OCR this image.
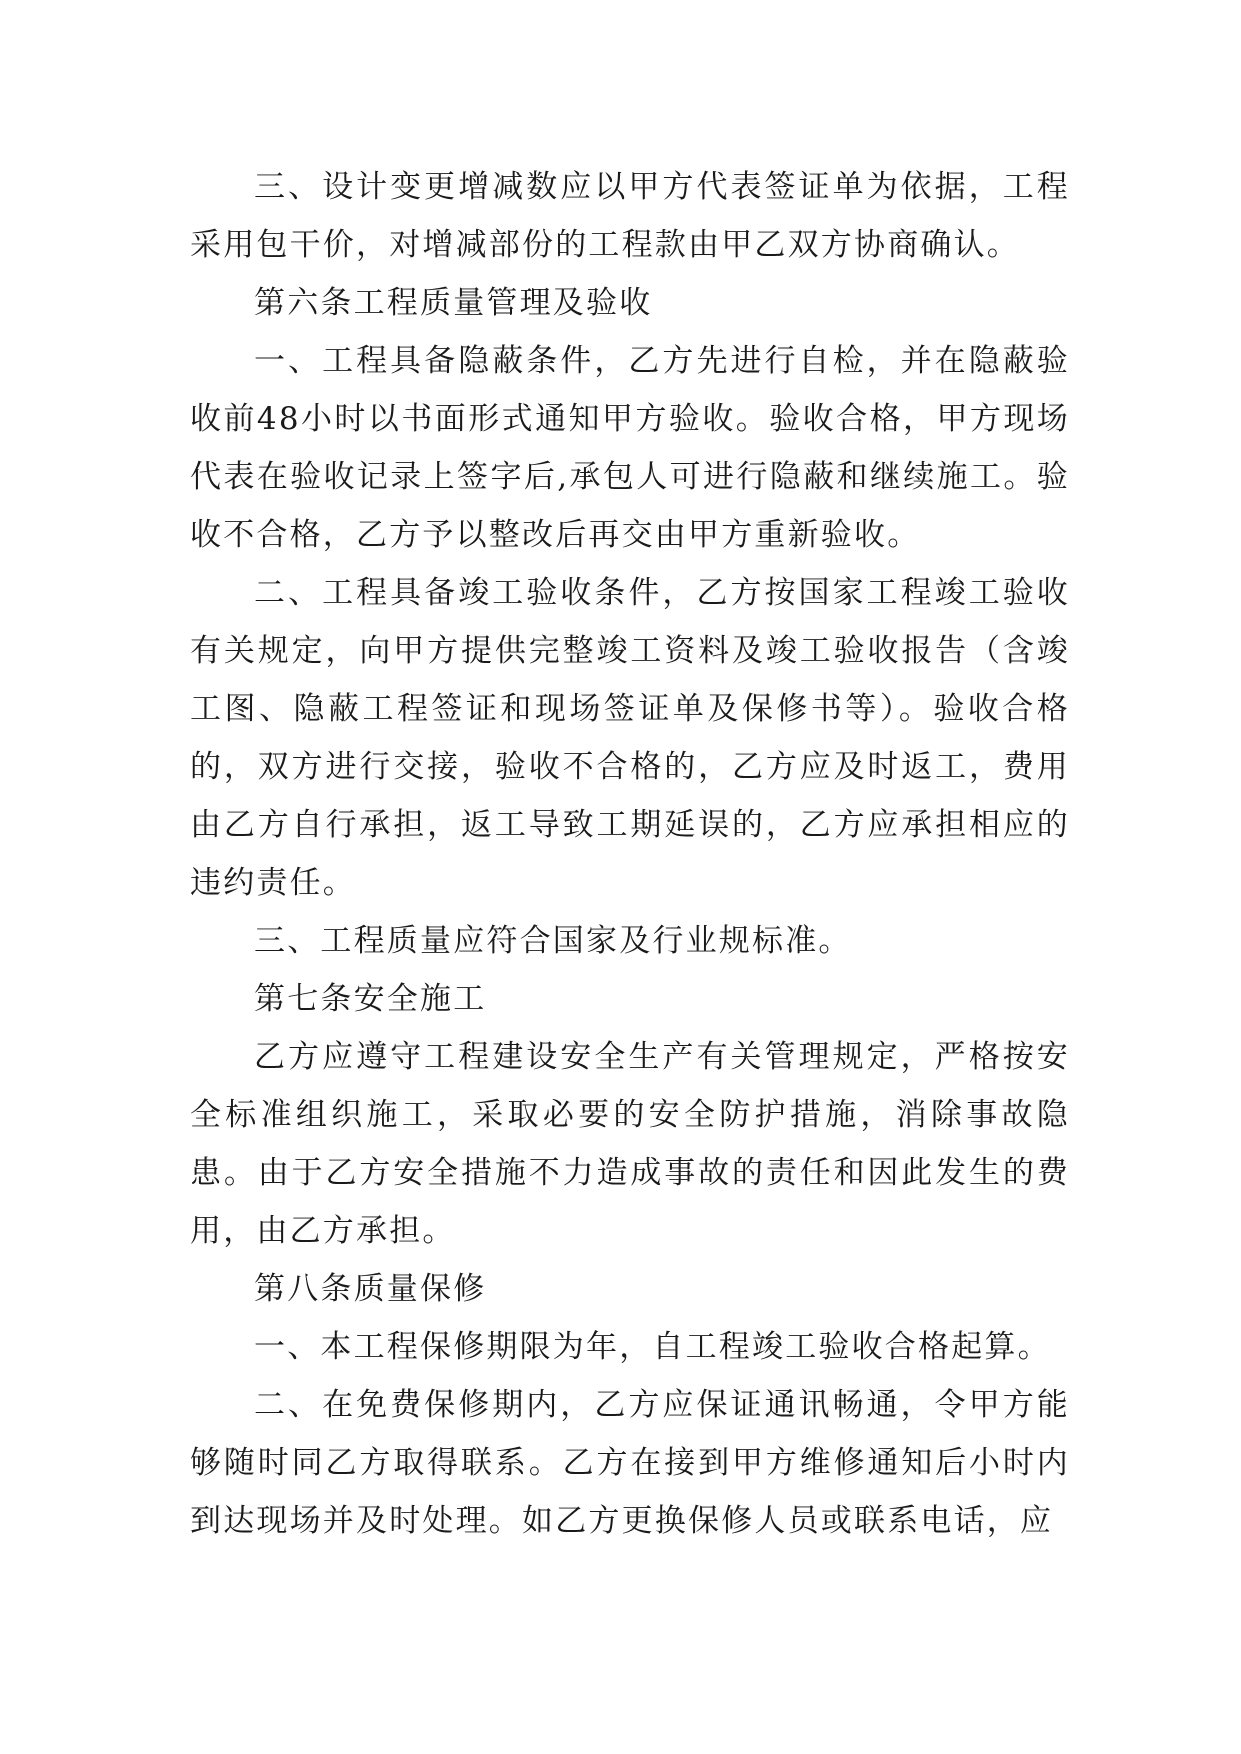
三、设计变更增减数应以甲方代表签证单为依据，工程采用包干价，对增减部份的工程款由甲乙双方协商确认。

第六条工程质量管理及验收

一、工程具备隐蔽条件，乙方先进行自检，并在隐蔽验收前48小时以书面形式通知甲方验收。验收合格，甲方现场代表在验收记录上签字后,承包人可进行隐蔽和继续施工。验收不合格，乙方予以整改后再交由甲方重新验收。

二、工程具备竣工验收条件，乙方按国家工程竣工验收有关规定，向甲方提供完整竣工资料及竣工验收报告（含竣工图、隐蔽工程签证和现场签证单及保修书等）。验收合格的，双方进行交接，验收不合格的，乙方应及时返工，费用由乙方自行承担，返工导致工期延误的，乙方应承担相应的违约责任。

三、工程质量应符合国家及行业规标准。

第七条安全施工

乙方应遵守工程建设安全生产有关管理规定，严格按安全标准组织施工，采取必要的安全防护措施，消除事故隐患。由于乙方安全措施不力造成事故的责任和因此发生的费用，由乙方承担。

第八条质量保修

一、本工程保修期限为年，自工程竣工验收合格起算。

二、在免费保修期内，乙方应保证通讯畅通，令甲方能够随时同乙方取得联系。乙方在接到甲方维修通知后小时内到达现场并及时处理。如乙方更换保修人员或联系电话，应
